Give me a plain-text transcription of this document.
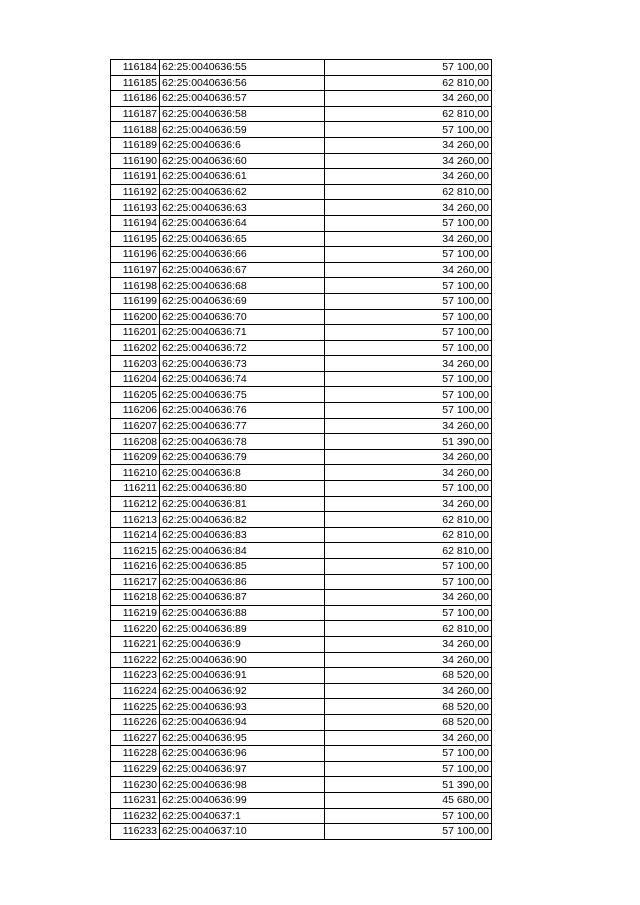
116184	62:25:0040636:55	57 100,00
116185	62:25:0040636:56	62 810,00
116186	62:25:0040636:57	34 260,00
116187	62:25:0040636:58	62 810,00
116188	62:25:0040636:59	57 100,00
116189	62:25:0040636:6	34 260,00
116190	62:25:0040636:60	34 260,00
116191	62:25:0040636:61	34 260,00
116192	62:25:0040636:62	62 810,00
116193	62:25:0040636:63	34 260,00
116194	62:25:0040636:64	57 100,00
116195	62:25:0040636:65	34 260,00
116196	62:25:0040636:66	57 100,00
116197	62:25:0040636:67	34 260,00
116198	62:25:0040636:68	57 100,00
116199	62:25:0040636:69	57 100,00
116200	62:25:0040636:70	57 100,00
116201	62:25:0040636:71	57 100,00
116202	62:25:0040636:72	57 100,00
116203	62:25:0040636:73	34 260,00
116204	62:25:0040636:74	57 100,00
116205	62:25:0040636:75	57 100,00
116206	62:25:0040636:76	57 100,00
116207	62:25:0040636:77	34 260,00
116208	62:25:0040636:78	51 390,00
116209	62:25:0040636:79	34 260,00
116210	62:25:0040636:8	34 260,00
116211	62:25:0040636:80	57 100,00
116212	62:25:0040636:81	34 260,00
116213	62:25:0040636:82	62 810,00
116214	62:25:0040636:83	62 810,00
116215	62:25:0040636:84	62 810,00
116216	62:25:0040636:85	57 100,00
116217	62:25:0040636:86	57 100,00
116218	62:25:0040636:87	34 260,00
116219	62:25:0040636:88	57 100,00
116220	62:25:0040636:89	62 810,00
116221	62:25:0040636:9	34 260,00
116222	62:25:0040636:90	34 260,00
116223	62:25:0040636:91	68 520,00
116224	62:25:0040636:92	34 260,00
116225	62:25:0040636:93	68 520,00
116226	62:25:0040636:94	68 520,00
116227	62:25:0040636:95	34 260,00
116228	62:25:0040636:96	57 100,00
116229	62:25:0040636:97	57 100,00
116230	62:25:0040636:98	51 390,00
116231	62:25:0040636:99	45 680,00
116232	62:25:0040637:1	57 100,00
116233	62:25:0040637:10	57 100,00
